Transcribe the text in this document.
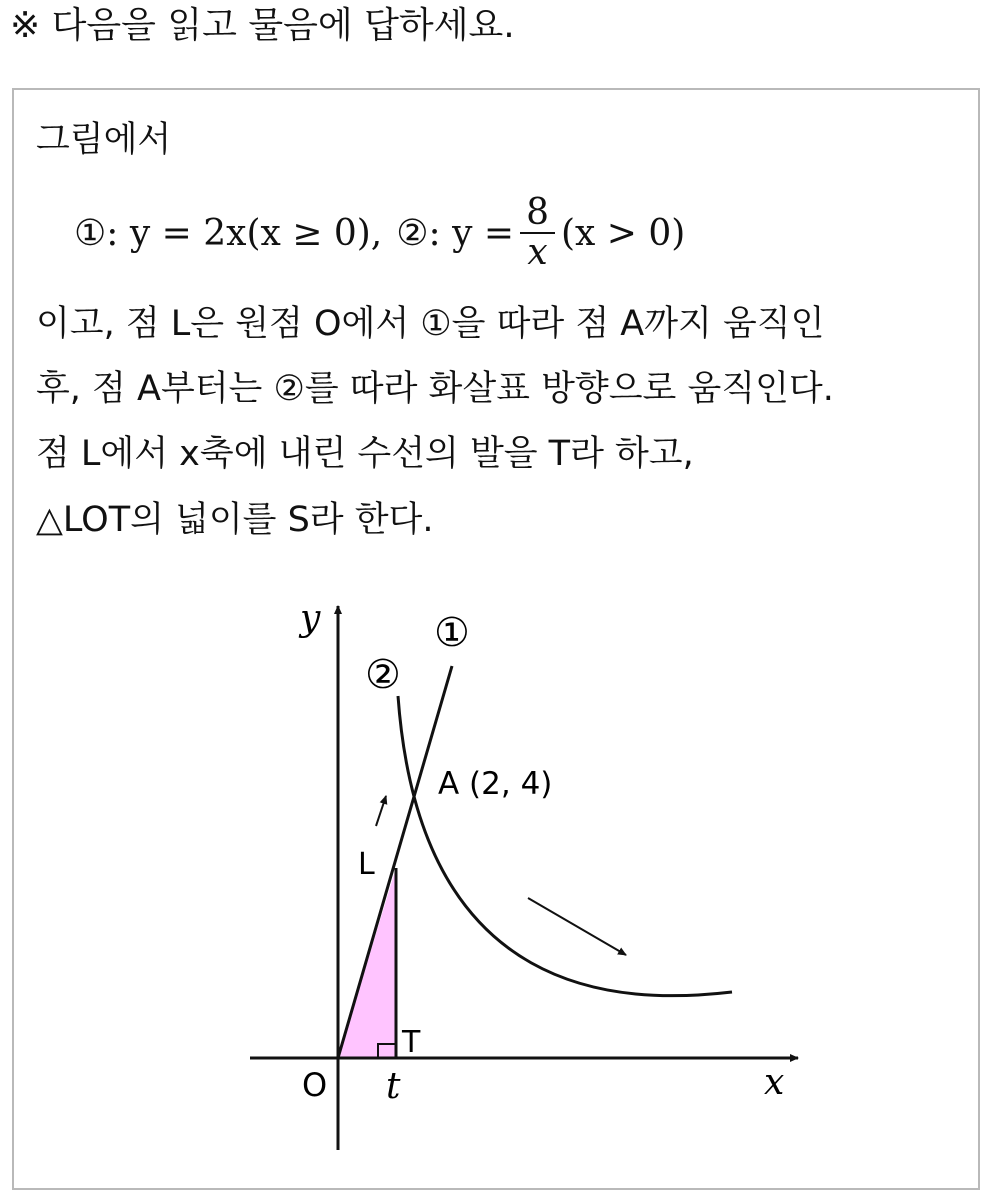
※ 다음을 읽고 물음에 답하세요.
그림에서
① : y = 2x(x ≥ 0), ② : $y = \frac{8}{x} (x > 0)$
이고, 점 L은 원점 O에서 ①을 따라 점 A까지 움직인
후, 점 A부터는 ②를 따라 화살표 방향으로 움직인다.
점 L에서 x축에 내린 수선의 발을 T라 하고,
△LOT의 넓이를 S라 한다.
y
x
O t
T
L
A (2, 4)
①
②
